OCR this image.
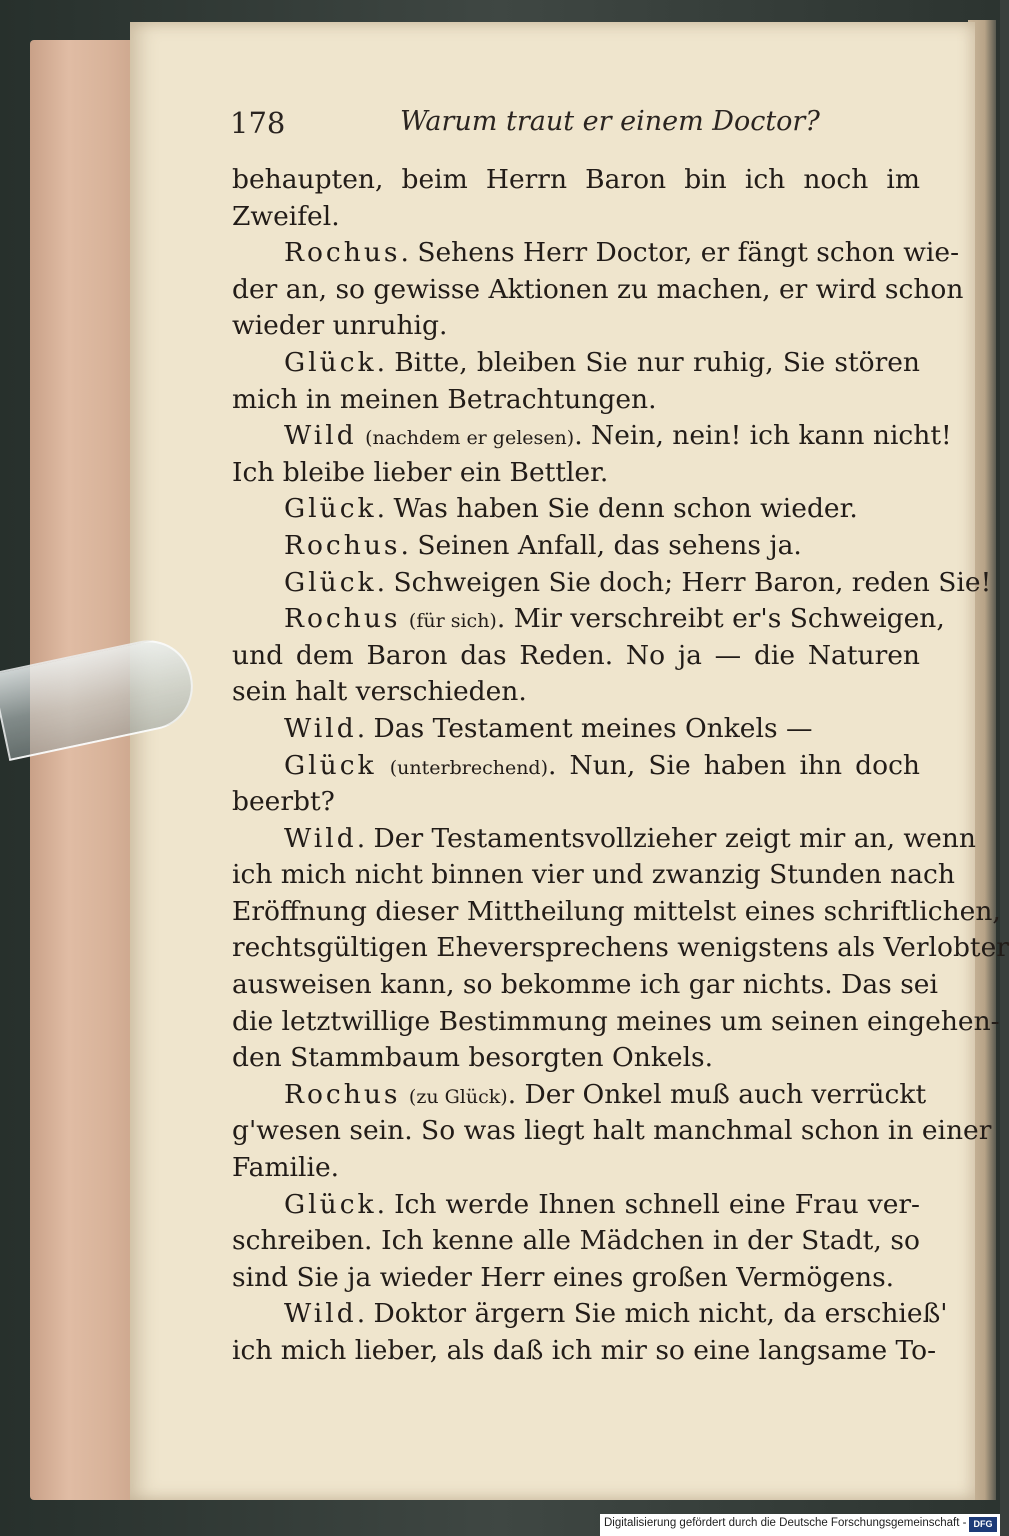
178	Warum traut er einem Doctor?
behaupten, beim Herrn Baron bin ich noch im
Zweifel.
Rochus. Sehens Herr Doctor, er fängt schon wie-
der an, so gewisse Aktionen zu machen, er wird schon
wieder unruhig.
Glück. Bitte, bleiben Sie nur ruhig, Sie stören
mich in meinen Betrachtungen.
Wild (nachdem er gelesen). Nein, nein! ich kann nicht!
Ich bleibe lieber ein Bettler.
Glück. Was haben Sie denn schon wieder.
Rochus. Seinen Anfall, das sehens ja.
Glück. Schweigen Sie doch; Herr Baron, reden Sie!
Rochus (für sich). Mir verschreibt er's Schweigen,
und dem Baron das Reden. No ja — die Naturen
sein halt verschieden.
Wild. Das Testament meines Onkels —
Glück (unterbrechend). Nun, Sie haben ihn doch
beerbt?
Wild. Der Testamentsvollzieher zeigt mir an, wenn
ich mich nicht binnen vier und zwanzig Stunden nach
Eröffnung dieser Mittheilung mittelst eines schriftlichen,
rechtsgültigen Eheversprechens wenigstens als Verlobter
ausweisen kann, so bekomme ich gar nichts. Das sei
die letztwillige Bestimmung meines um seinen eingehen-
den Stammbaum besorgten Onkels.
Rochus (zu Glück). Der Onkel muß auch verrückt
g'wesen sein. So was liegt halt manchmal schon in einer
Familie.
Glück. Ich werde Ihnen schnell eine Frau ver-
schreiben. Ich kenne alle Mädchen in der Stadt, so
sind Sie ja wieder Herr eines großen Vermögens.
Wild. Doktor ärgern Sie mich nicht, da erschieß'
ich mich lieber, als daß ich mir so eine langsame To-
Digitalisierung gefördert durch die Deutsche Forschungsgemeinschaft - DFG
